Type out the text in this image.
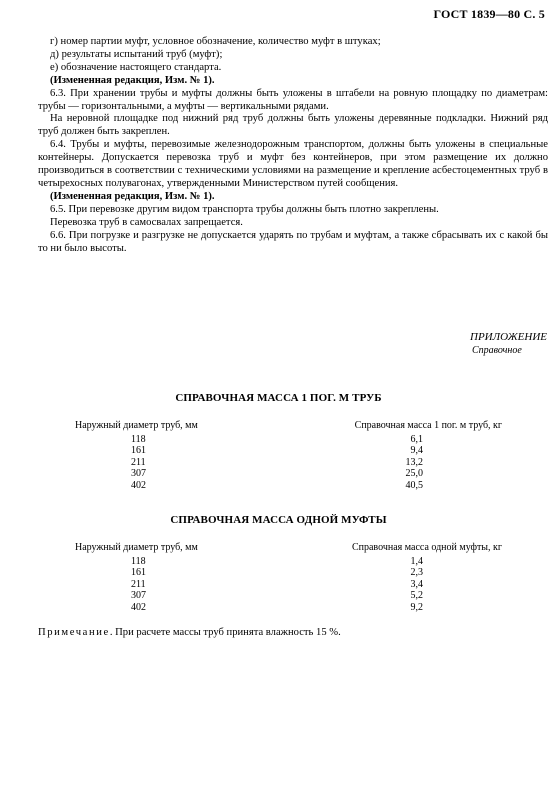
ГОСТ 1839—80 С. 5

г) номер партии муфт, условное обозначение, количество муфт в штуках;

д) результаты испытаний труб (муфт);

е) обозначение настоящего стандарта.

(Измененная редакция, Изм. № 1).

6.3. При хранении трубы и муфты должны быть уложены в штабели на ровную площадку по диаметрам: трубы — горизонтальными, а муфты — вертикальными рядами.

На неровной площадке под нижний ряд труб должны быть уложены деревянные подкладки. Нижний ряд труб должен быть закреплен.

6.4. Трубы и муфты, перевозимые железнодорожным транспортом, должны быть уложены в специальные контейнеры. Допускается перевозка труб и муфт без контейнеров, при этом размещение их должно производиться в соответствии с техническими условиями на размещение и крепление асбестоцементных труб в четырехосных полувагонах, утвержденными Министерством путей сообщения.

(Измененная редакция, Изм. № 1).

6.5. При перевозке другим видом транспорта трубы должны быть плотно закреплены.

Перевозка труб в самосвалах запрещается.

6.6. При погрузке и разгрузке не допускается ударять по трубам и муфтам, а также сбрасывать их с какой бы то ни было высоты.

ПРИЛОЖЕНИЕ
Справочное
СПРАВОЧНАЯ МАССА 1 ПОГ. М ТРУБ
Наружный диаметр труб, мм	Справочная масса 1 пог. м труб, кг
118	6,1
161	9,4
211	13,2
307	25,0
402	40,5
СПРАВОЧНАЯ МАССА ОДНОЙ МУФТЫ
Наружный диаметр труб, мм	Справочная масса одной муфты, кг
118	1,4
161	2,3
211	3,4
307	5,2
402	9,2
Примечание. При расчете массы труб принята влажность 15 %.
